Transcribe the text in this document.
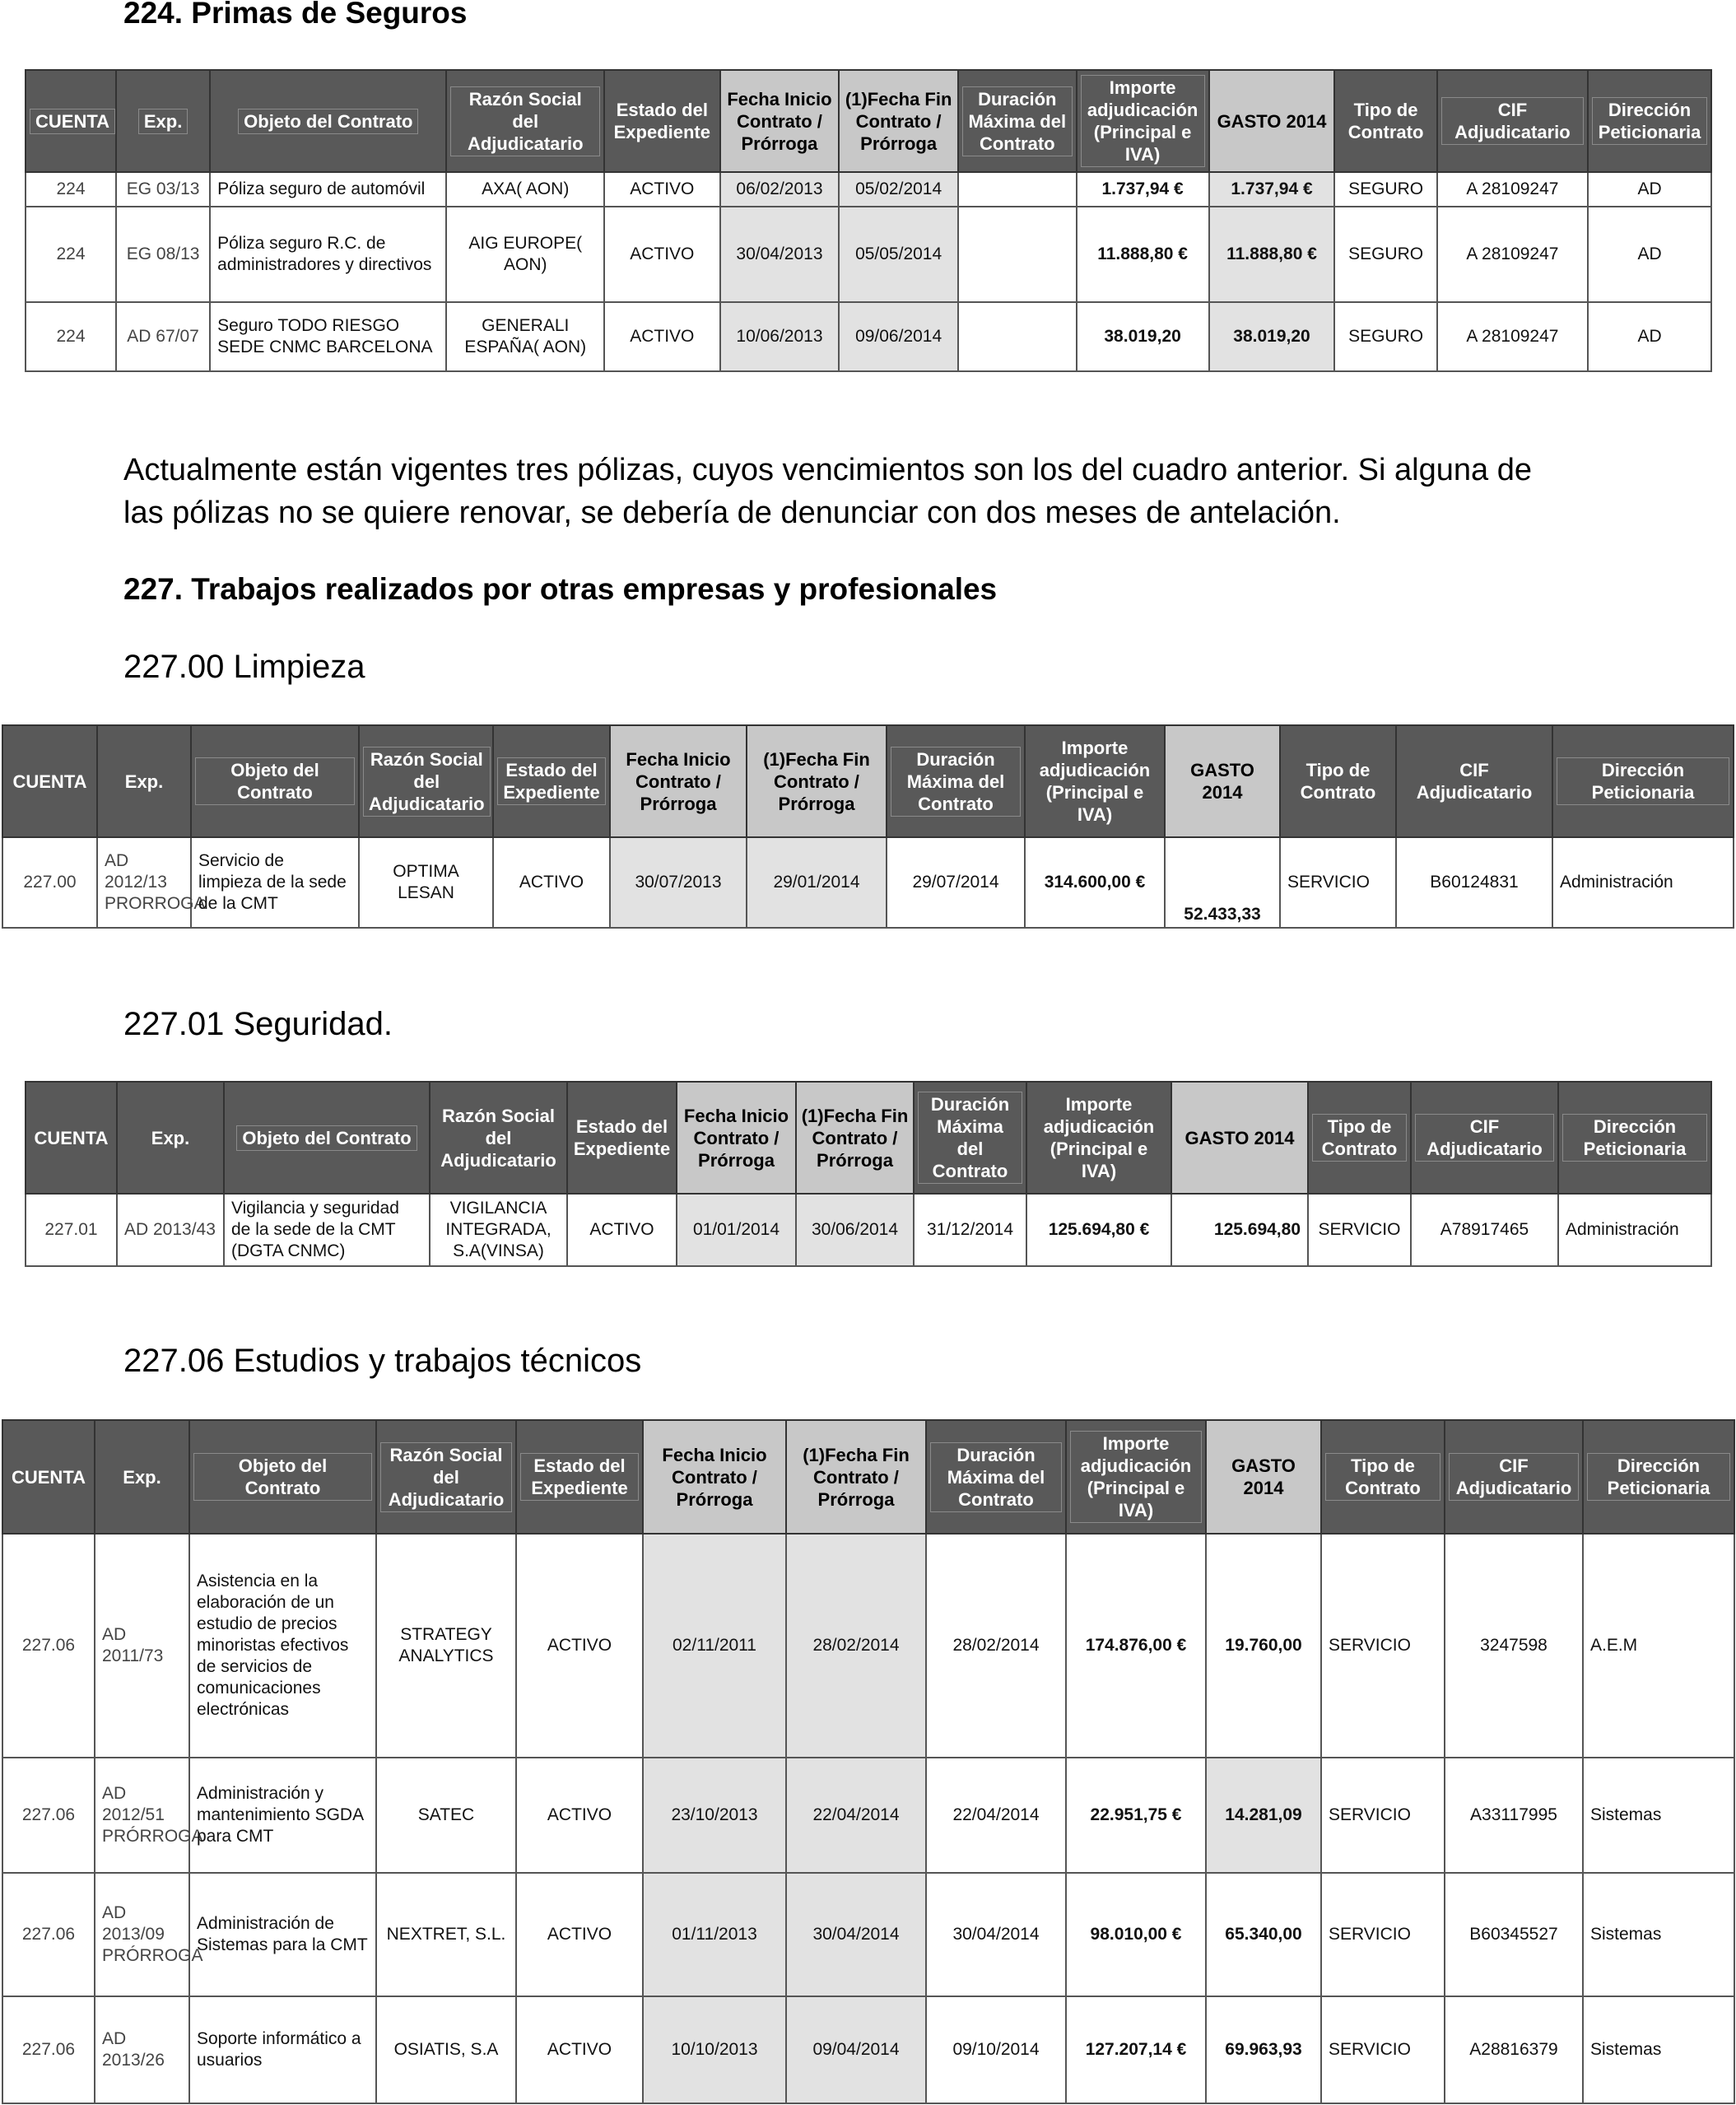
224. Primas de Seguros
CUENTA	Exp.	Objeto del Contrato	Razón Social del Adjudicatario	Estado del Expediente	Fecha Inicio Contrato / Prórroga	(1)Fecha Fin Contrato / Prórroga	Duración Máxima del Contrato	Importe adjudicación (Principal e IVA)	GASTO 2014	Tipo de Contrato	CIF Adjudicatario	Dirección Peticionaria
224	EG 03/13	Póliza seguro de automóvil	AXA( AON)	ACTIVO	06/02/2013	05/02/2014		1.737,94 €	1.737,94 €	SEGURO	A 28109247	AD
224	EG 08/13	Póliza seguro R.C. de administradores y directivos	AIG EUROPE( AON)	ACTIVO	30/04/2013	05/05/2014		11.888,80 €	11.888,80 €	SEGURO	A 28109247	AD
224	AD 67/07	Seguro TODO RIESGO SEDE CNMC BARCELONA	GENERALI ESPAÑA( AON)	ACTIVO	10/06/2013	09/06/2014		38.019,20	38.019,20	SEGURO	A 28109247	AD

Actualmente están vigentes tres pólizas, cuyos vencimientos son los del cuadro anterior. Si alguna de
las pólizas no se quiere renovar, se debería de denunciar con dos meses de antelación.

227. Trabajos realizados por otras empresas y profesionales
227.00 Limpieza
CUENTA	Exp.	Objeto del Contrato	Razón Social del Adjudicatario	Estado del Expediente	Fecha Inicio Contrato / Prórroga	(1)Fecha Fin Contrato / Prórroga	Duración Máxima del Contrato	Importe adjudicación (Principal e IVA)	GASTO 2014	Tipo de Contrato	CIF Adjudicatario	Dirección Peticionaria
227.00	AD 2012/13 PRORROGA	Servicio de limpieza de la sede de la CMT	OPTIMA LESAN	ACTIVO	30/07/2013	29/01/2014	29/07/2014	314.600,00 €	52.433,33	SERVICIO	B60124831	Administración
227.01 Seguridad.
CUENTA	Exp.	Objeto del Contrato	Razón Social del Adjudicatario	Estado del Expediente	Fecha Inicio Contrato / Prórroga	(1)Fecha Fin Contrato / Prórroga	Duración Máxima del Contrato	Importe adjudicación (Principal e IVA)	GASTO 2014	Tipo de Contrato	CIF Adjudicatario	Dirección Peticionaria
227.01	AD 2013/43	Vigilancia y seguridad de la sede de la CMT (DGTA CNMC)	VIGILANCIA INTEGRADA, S.A(VINSA)	ACTIVO	01/01/2014	30/06/2014	31/12/2014	125.694,80 €	125.694,80	SERVICIO	A78917465	Administración
227.06 Estudios y trabajos técnicos
CUENTA	Exp.	Objeto del Contrato	Razón Social del Adjudicatario	Estado del Expediente	Fecha Inicio Contrato / Prórroga	(1)Fecha Fin Contrato / Prórroga	Duración Máxima del Contrato	Importe adjudicación (Principal e IVA)	GASTO 2014	Tipo de Contrato	CIF Adjudicatario	Dirección Peticionaria
227.06	AD 2011/73	Asistencia en la elaboración de un estudio de precios minoristas efectivos de servicios de comunicaciones electrónicas	STRATEGY ANALYTICS	ACTIVO	02/11/2011	28/02/2014	28/02/2014	174.876,00 €	19.760,00	SERVICIO	3247598	A.E.M
227.06	AD 2012/51 PRÓRROGA	Administración y mantenimiento SGDA para CMT	SATEC	ACTIVO	23/10/2013	22/04/2014	22/04/2014	22.951,75 €	14.281,09	SERVICIO	A33117995	Sistemas
227.06	AD 2013/09 PRÓRROGA	Administración de Sistemas para la CMT	NEXTRET, S.L.	ACTIVO	01/11/2013	30/04/2014	30/04/2014	98.010,00 €	65.340,00	SERVICIO	B60345527	Sistemas
227.06	AD 2013/26	Soporte informático a usuarios	OSIATIS, S.A	ACTIVO	10/10/2013	09/04/2014	09/10/2014	127.207,14 €	69.963,93	SERVICIO	A28816379	Sistemas
